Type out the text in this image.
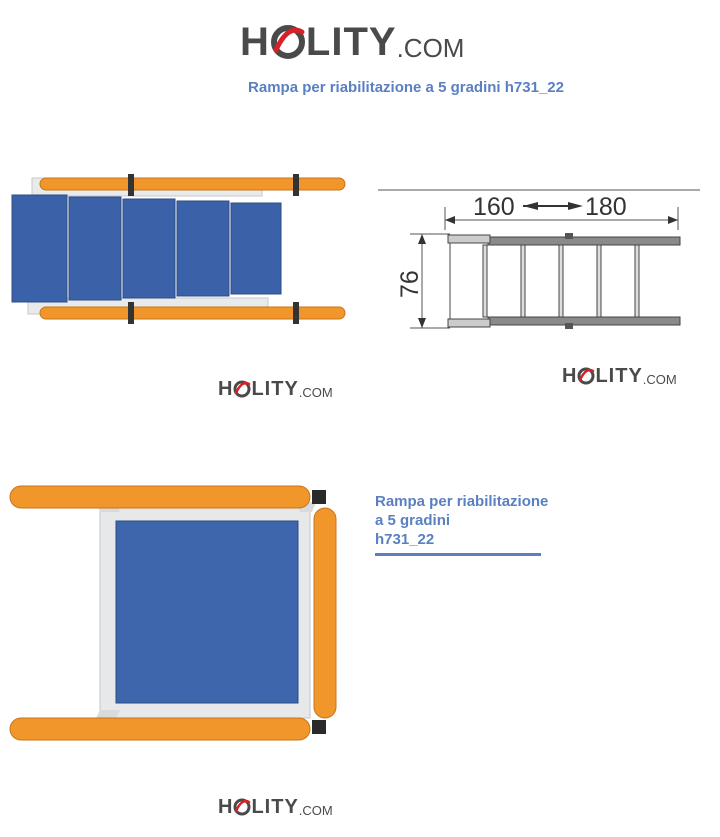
H LITY .COM
Rampa per riabilitazione a 5 gradini h731_22
160	180
76
H LITY .COM
H LITY .COM
Rampa per riabilitazione
a 5 gradini
h731_22
H LITY .COM
